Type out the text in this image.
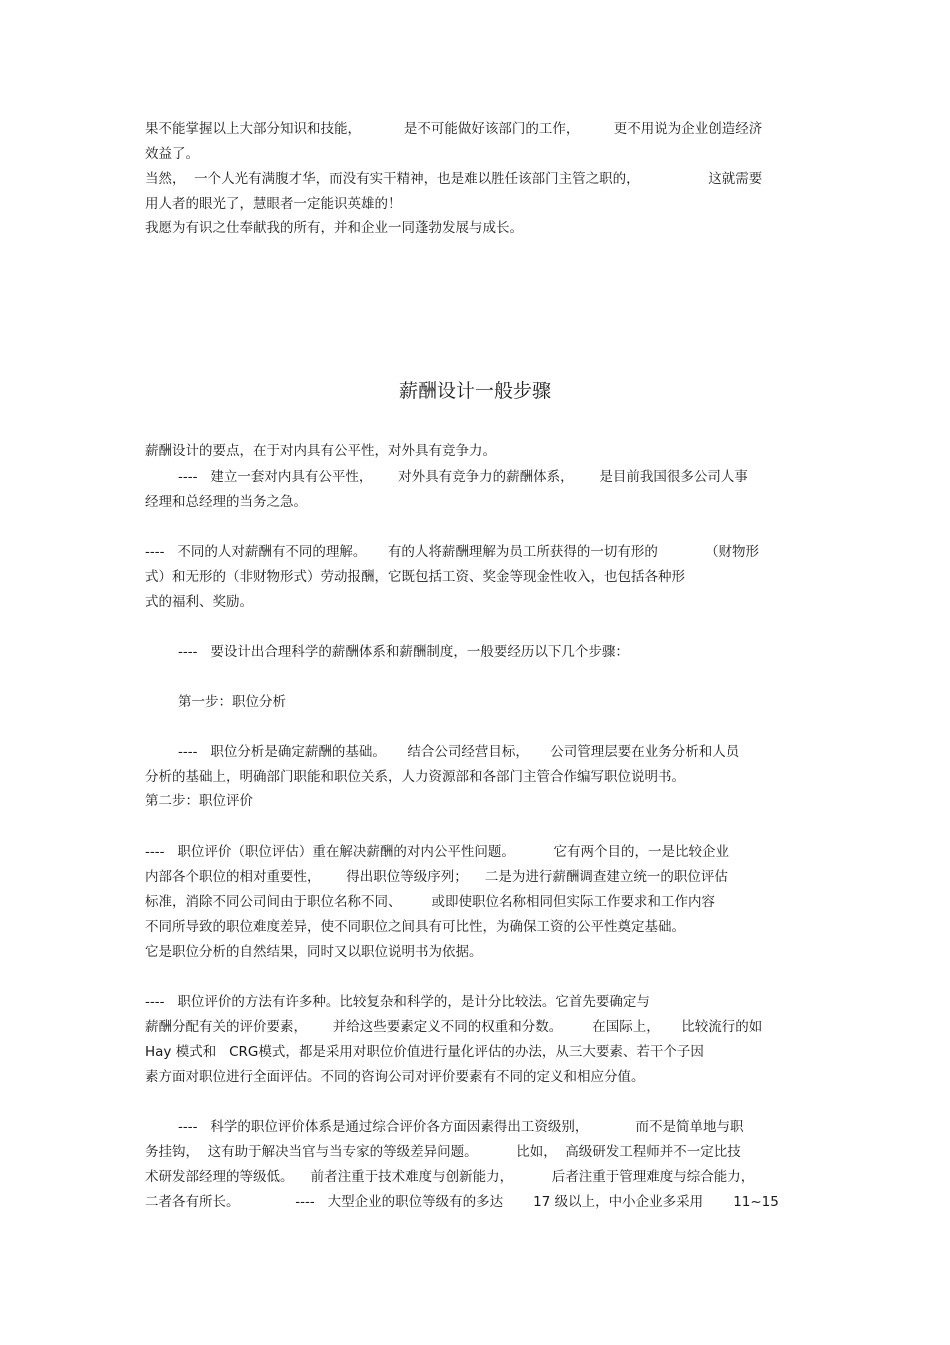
果不能掌握以上大部分知识和技能，          是不可能做好该部门的工作，        更不用说为企业创造经济
效益了。
当然，  一个人光有满腹才华，而没有实干精神，也是难以胜任该部门主管之职的，                这就需要
用人者的眼光了，慧眼者一定能识英雄的！
我愿为有识之仕奉献我的所有，并和企业一同蓬勃发展与成长。
薪酬设计一般步骤
薪酬设计的要点，在于对内具有公平性，对外具有竞争力。
----   建立一套对内具有公平性，      对外具有竞争力的薪酬体系，      是目前我国很多公司人事
经理和总经理的当务之急。
----   不同的人对薪酬有不同的理解。     有的人将薪酬理解为员工所获得的一切有形的           （财物形
式）和无形的（非财物形式）劳动报酬，它既包括工资、奖金等现金性收入，也包括各种形
式的福利、奖励。
----   要设计出合理科学的薪酬体系和薪酬制度，一般要经历以下几个步骤：
第一步：职位分析
----   职位分析是确定薪酬的基础。     结合公司经营目标，     公司管理层要在业务分析和人员
分析的基础上，明确部门职能和职位关系，人力资源部和各部门主管合作编写职位说明书。
第二步：职位评价
----   职位评价（职位评估）重在解决薪酬的对内公平性问题。         它有两个目的，一是比较企业
内部各个职位的相对重要性，      得出职位等级序列；    二是为进行薪酬调查建立统一的职位评估
标准，消除不同公司间由于职位名称不同、       或即使职位名称相同但实际工作要求和工作内容
不同所导致的职位难度差异，使不同职位之间具有可比性，为确保工资的公平性奠定基础。
它是职位分析的自然结果，同时又以职位说明书为依据。
----   职位评价的方法有许多种。比较复杂和科学的，是计分比较法。它首先要确定与
薪酬分配有关的评价要素，      并给这些要素定义不同的权重和分数。       在国际上，     比较流行的如
Hay 模式和   CRG模式，都是采用对职位价值进行量化评估的办法，从三大要素、若干个子因
素方面对职位进行全面评估。不同的咨询公司对评价要素有不同的定义和相应分值。
----   科学的职位评价体系是通过综合评价各方面因素得出工资级别，           而不是简单地与职
务挂钩，  这有助于解决当官与当专家的等级差异问题。         比如，  高级研发工程师并不一定比技
术研发部经理的等级低。    前者注重于技术难度与创新能力，         后者注重于管理难度与综合能力，
二者各有所长。             ----   大型企业的职位等级有的多达       17 级以上，中小企业多采用       11~15
